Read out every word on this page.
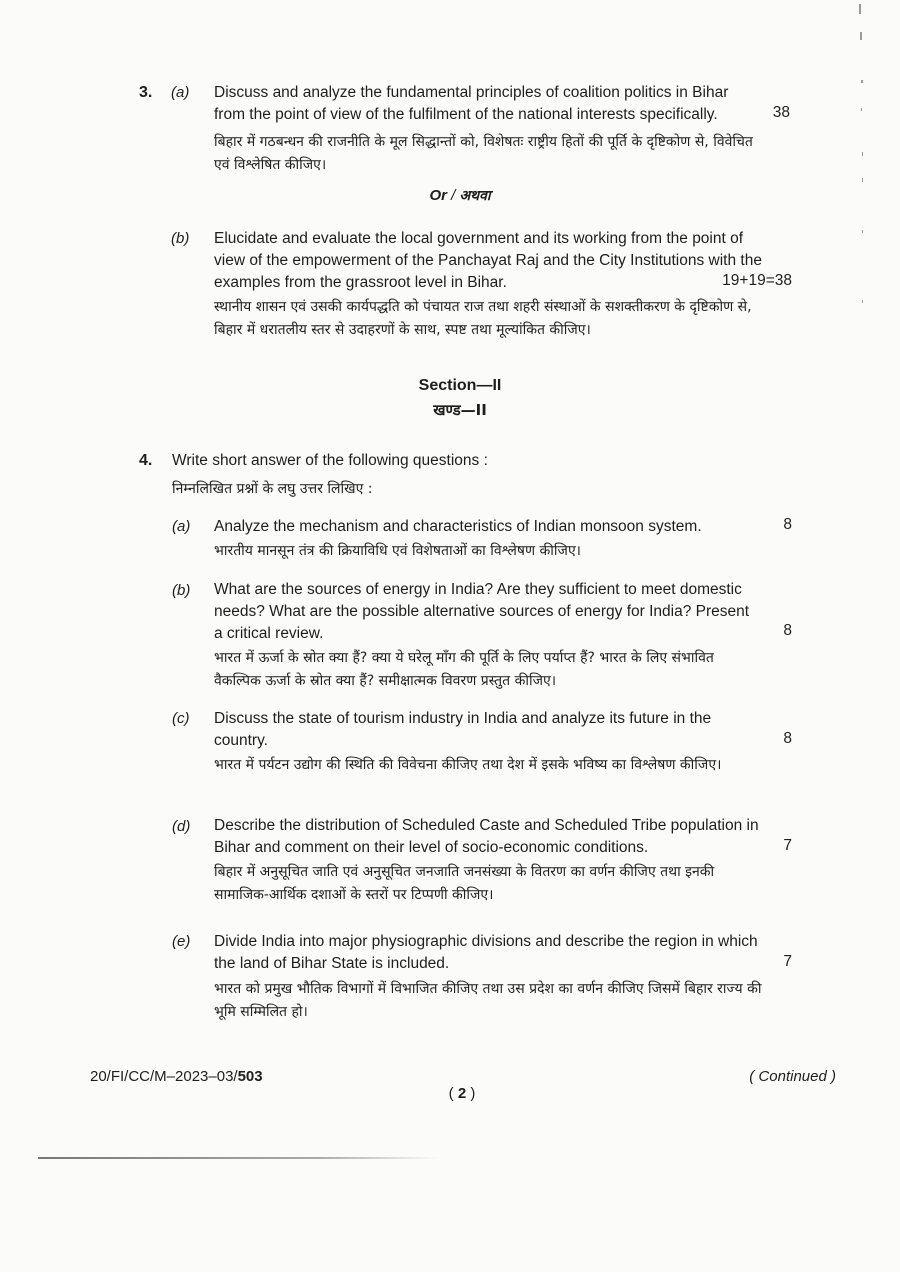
3. (a) Discuss and analyze the fundamental principles of coalition politics in Bihar from the point of view of the fulfilment of the national interests specifically.	38
बिहार में गठबन्धन की राजनीति के मूल सिद्धान्तों को, विशेषतः राष्ट्रीय हितों की पूर्ति के दृष्टिकोण से, विवेचित एवं विश्लेषित कीजिए।
Or / अथवा
(b) Elucidate and evaluate the local government and its working from the point of view of the empowerment of the Panchayat Raj and the City Institutions with the examples from the grassroot level in Bihar.	19+19=38
स्थानीय शासन एवं उसकी कार्यपद्धति को पंचायत राज तथा शहरी संस्थाओं के सशक्तीकरण के दृष्टिकोण से, बिहार में धरातलीय स्तर से उदाहरणों के साथ, स्पष्ट तथा मूल्यांकित कीजिए।
Section—II
खण्ड—II
4. Write short answer of the following questions :
निम्नलिखित प्रश्नों के लघु उत्तर लिखिए :
(a) Analyze the mechanism and characteristics of Indian monsoon system.	8
भारतीय मानसून तंत्र की क्रियाविधि एवं विशेषताओं का विश्लेषण कीजिए।
(b) What are the sources of energy in India? Are they sufficient to meet domestic needs? What are the possible alternative sources of energy for India? Present a critical review.	8
भारत में ऊर्जा के स्रोत क्या हैं? क्या ये घरेलू माँग की पूर्ति के लिए पर्याप्त हैं? भारत के लिए संभावित वैकल्पिक ऊर्जा के स्रोत क्या हैं? समीक्षात्मक विवरण प्रस्तुत कीजिए।
(c) Discuss the state of tourism industry in India and analyze its future in the country.	8
भारत में पर्यटन उद्योग की स्थिति की विवेचना कीजिए तथा देश में इसके भविष्य का विश्लेषण कीजिए।
(d) Describe the distribution of Scheduled Caste and Scheduled Tribe population in Bihar and comment on their level of socio-economic conditions.	7
बिहार में अनुसूचित जाति एवं अनुसूचित जनजाति जनसंख्या के वितरण का वर्णन कीजिए तथा इनकी सामाजिक-आर्थिक दशाओं के स्तरों पर टिप्पणी कीजिए।
(e) Divide India into major physiographic divisions and describe the region in which the land of Bihar State is included.	7
भारत को प्रमुख भौतिक विभागों में विभाजित कीजिए तथा उस प्रदेश का वर्णन कीजिए जिसमें बिहार राज्य की भूमि सम्मिलित हो।
20/FI/CC/M–2023–03/503

( 2 )

( Continued )
